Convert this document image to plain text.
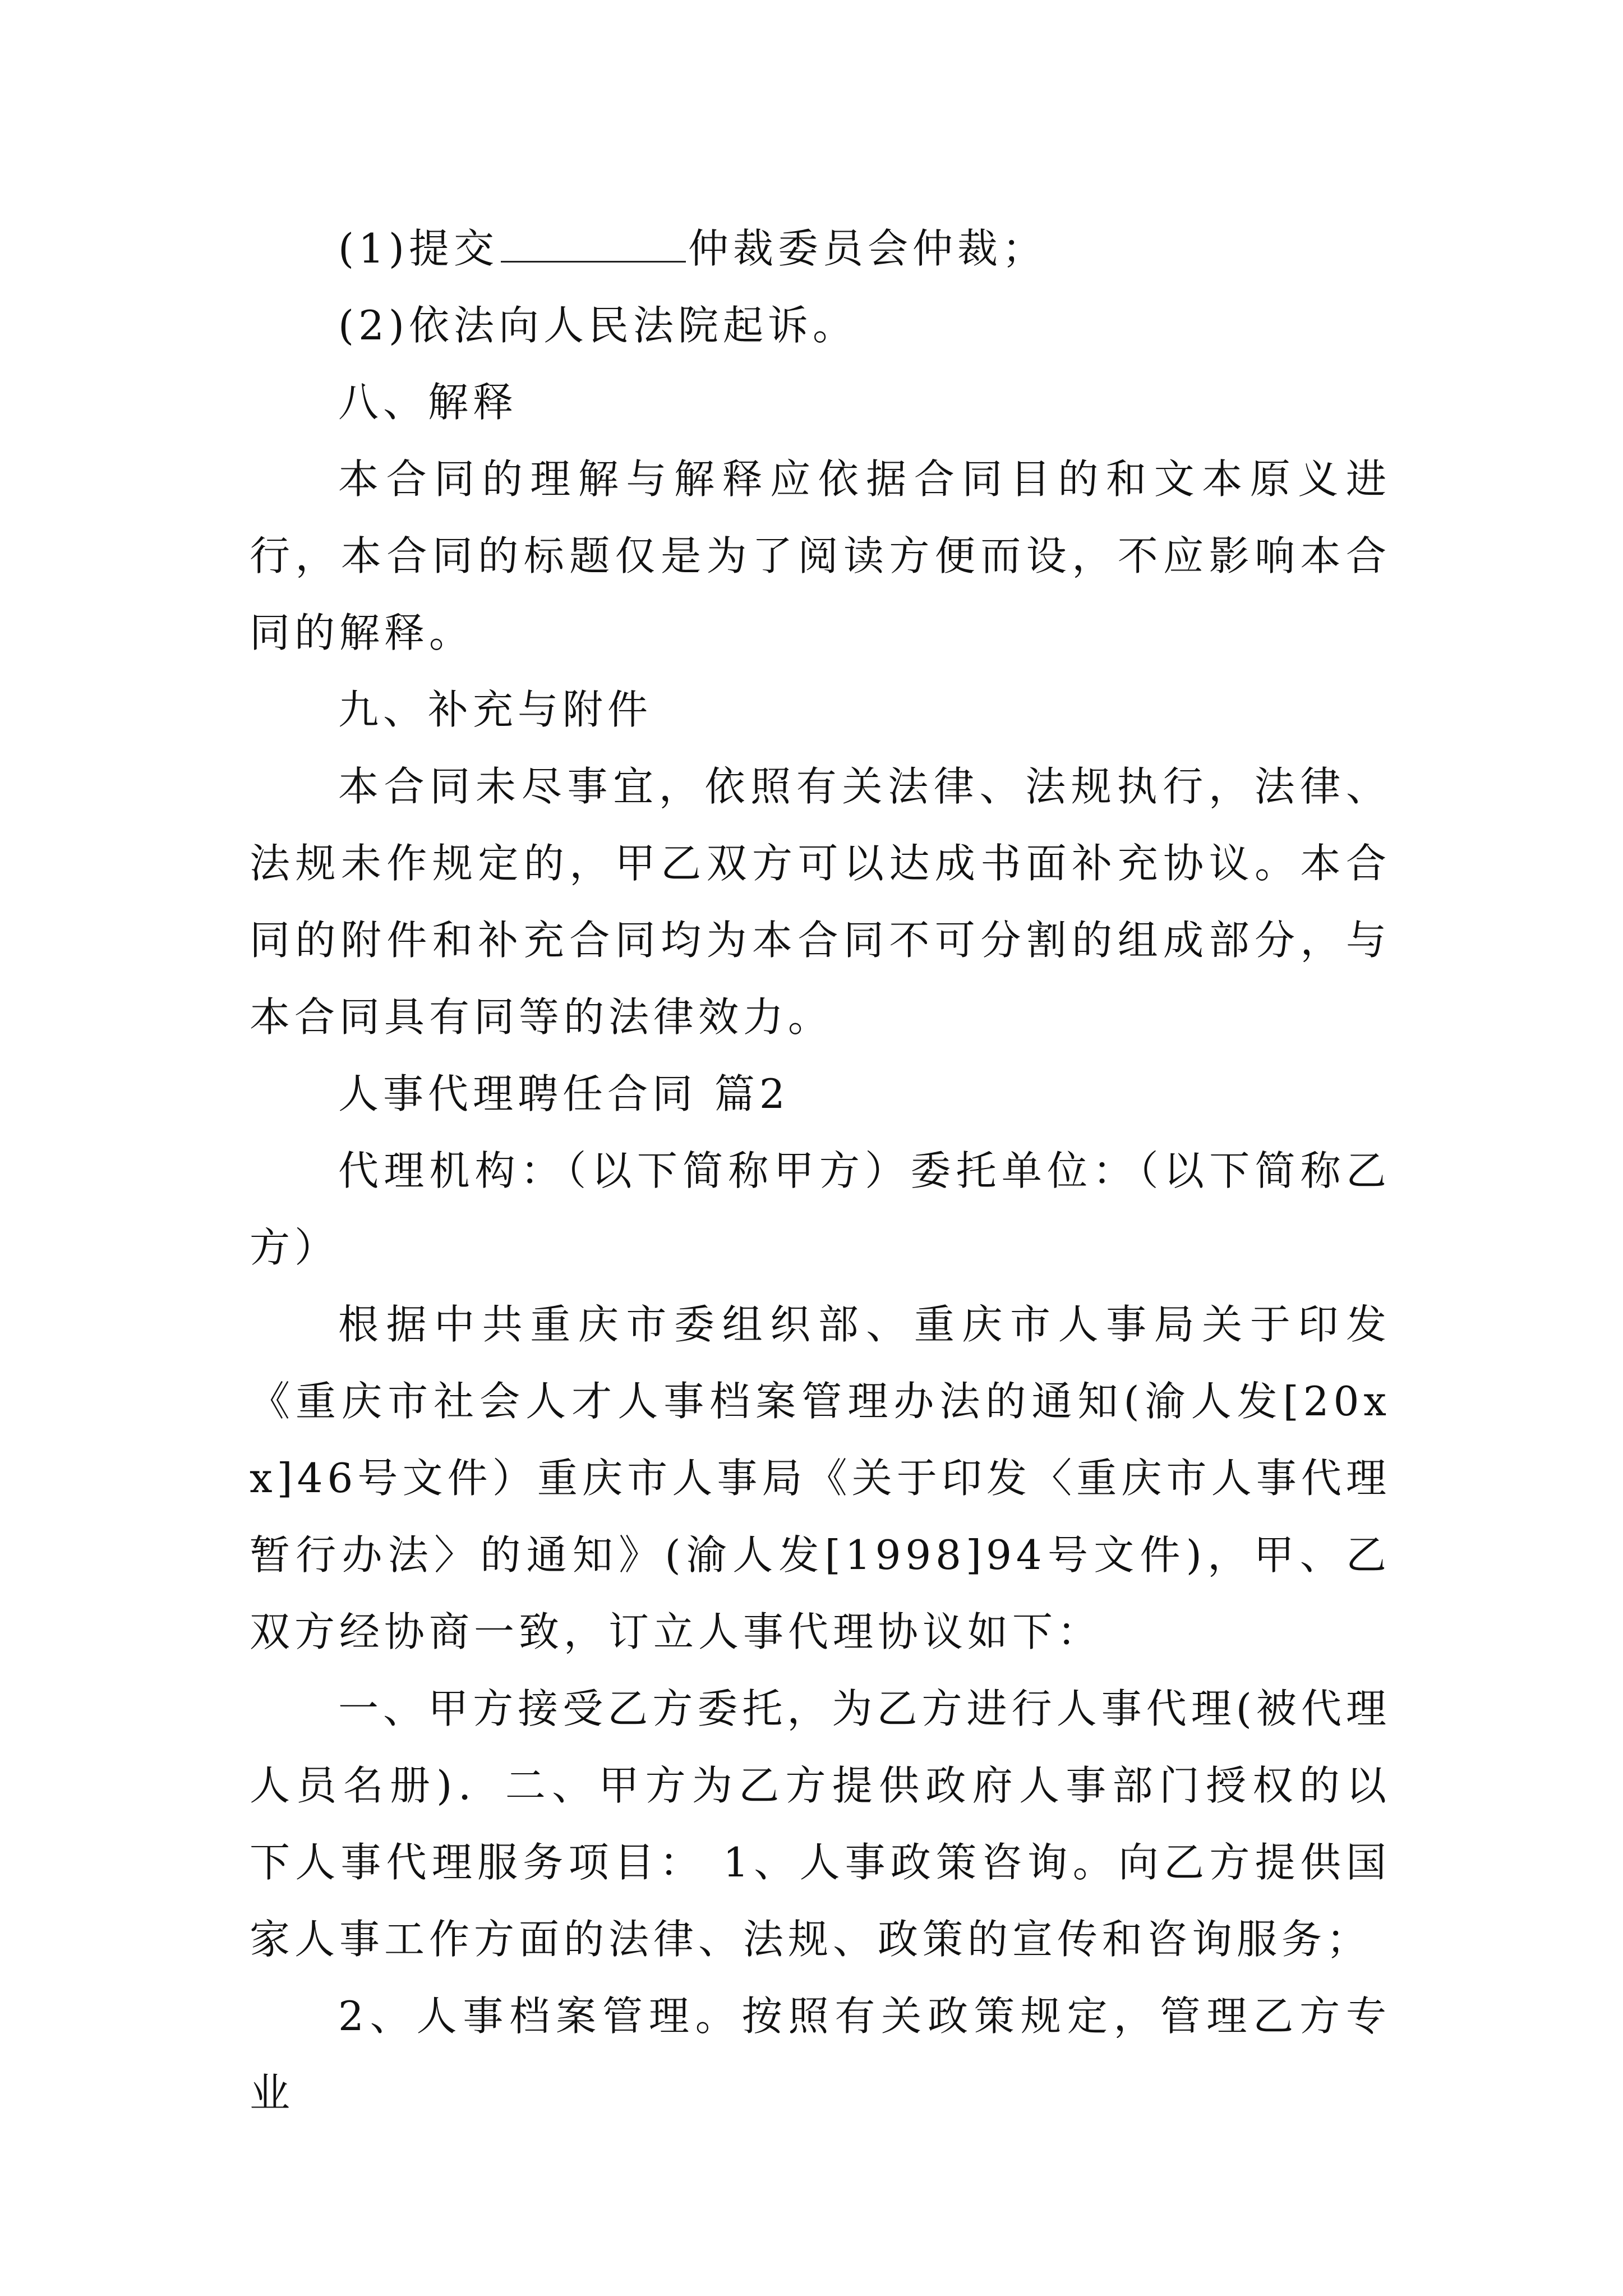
(1)提交	仲裁委员会仲裁；

(2)依法向人民法院起诉。

八、解释

本合同的理解与解释应依据合同目的和文本原义进行，本合同的标题仅是为了阅读方便而设，不应影响本合同的解释。

九、补充与附件

本合同未尽事宜，依照有关法律、法规执行，法律、法规未作规定的，甲乙双方可以达成书面补充协议。本合同的附件和补充合同均为本合同不可分割的组成部分，与本合同具有同等的法律效力。

人事代理聘任合同 篇2

代理机构：（以下简称甲方）委托单位：（以下简称乙方）

根据中共重庆市委组织部、重庆市人事局关于印发《重庆市社会人才人事档案管理办法的通知(渝人发[20xx]46号文件）重庆市人事局《关于印发〈重庆市人事代理暂行办法〉的通知》(渝人发[1998]94号文件)，甲、乙双方经协商一致，订立人事代理协议如下：

一、甲方接受乙方委托，为乙方进行人事代理(被代理人员名册)．二、甲方为乙方提供政府人事部门授权的以下人事代理服务项目： 1、人事政策咨询。向乙方提供国家人事工作方面的法律、法规、政策的宣传和咨询服务；

2、人事档案管理。按照有关政策规定，管理乙方专业
